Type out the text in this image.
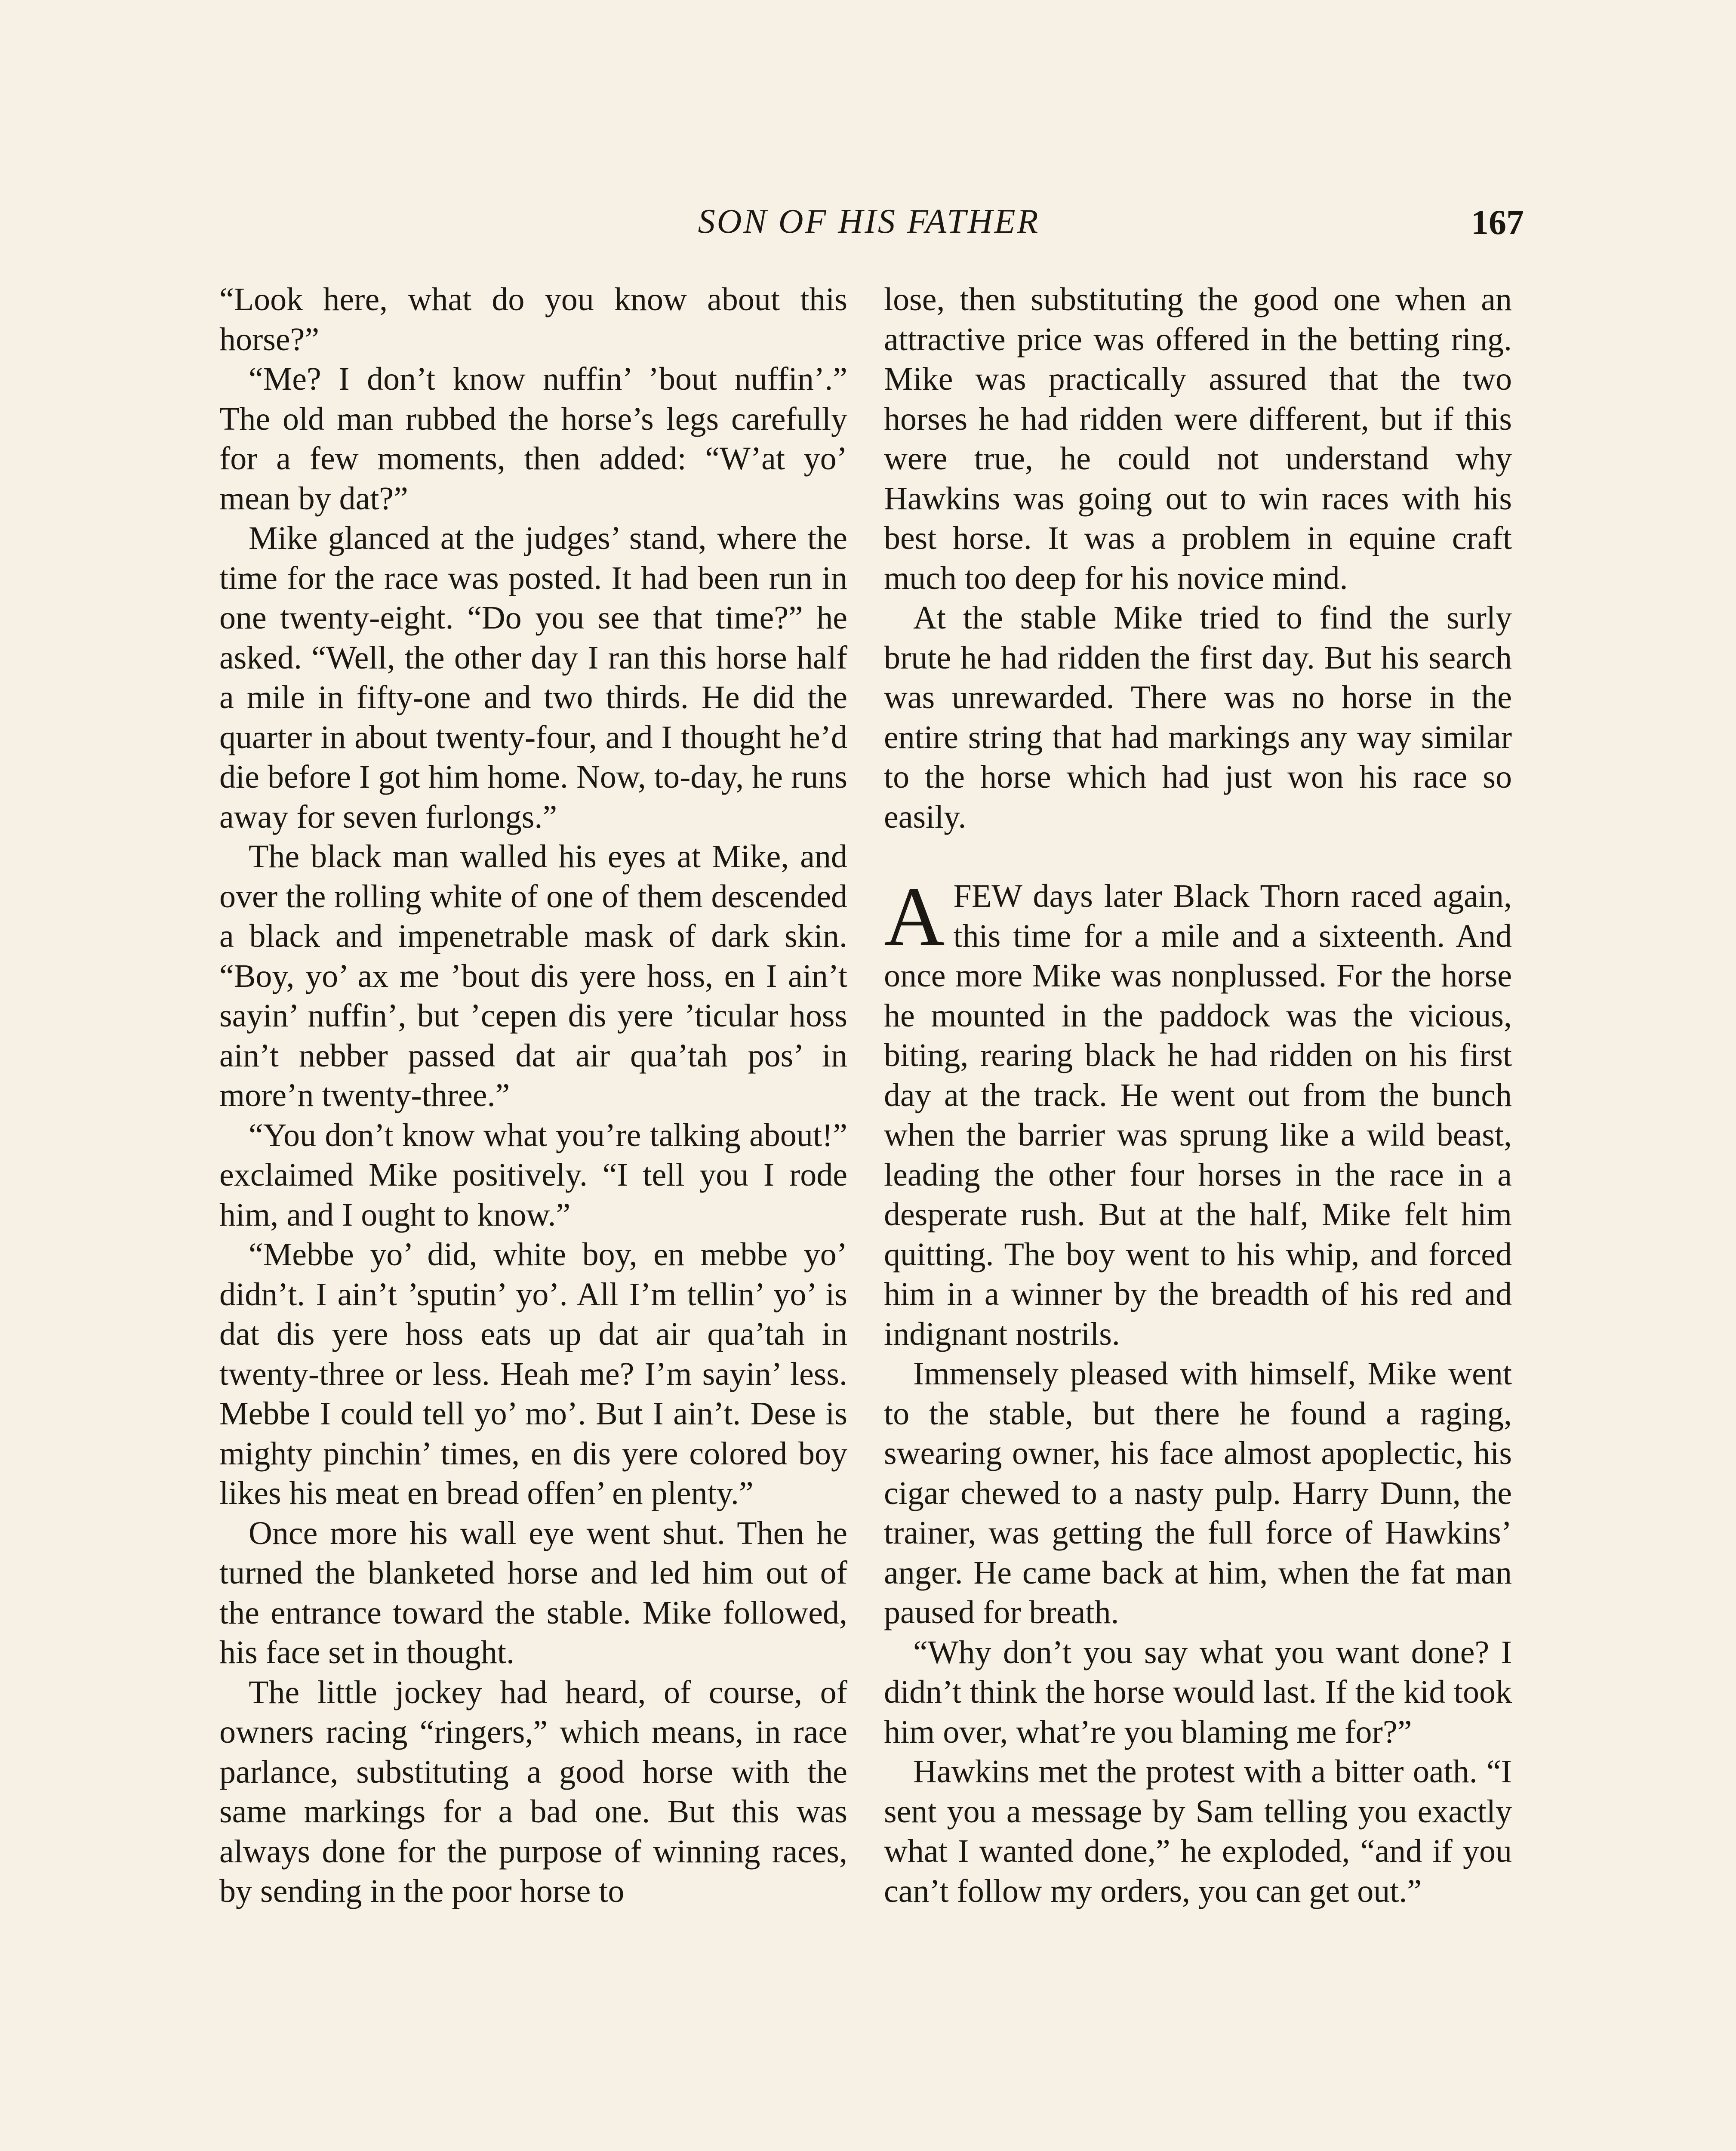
SON OF HIS FATHER	167

“Look here, what do you know about this horse?”

“Me? I don’t know nuffin’ ’bout nuffin’.” The old man rubbed the horse’s legs carefully for a few moments, then added: “W’at yo’ mean by dat?”

Mike glanced at the judges’ stand, where the time for the race was posted. It had been run in one twenty-eight. “Do you see that time?” he asked. “Well, the other day I ran this horse half a mile in fifty-one and two thirds. He did the quarter in about twenty-four, and I thought he’d die before I got him home. Now, to-day, he runs away for seven furlongs.”

The black man walled his eyes at Mike, and over the rolling white of one of them descended a black and impenetrable mask of dark skin. “Boy, yo’ ax me ’bout dis yere hoss, en I ain’t sayin’ nuffin’, but ’cepen dis yere ’ticular hoss ain’t nebber passed dat air qua’tah pos’ in more’n twenty-three.”

“You don’t know what you’re talking about!” exclaimed Mike positively. “I tell you I rode him, and I ought to know.”

“Mebbe yo’ did, white boy, en mebbe yo’ didn’t. I ain’t ’sputin’ yo’. All I’m tellin’ yo’ is dat dis yere hoss eats up dat air qua’tah in twenty-three or less. Heah me? I’m sayin’ less. Mebbe I could tell yo’ mo’. But I ain’t. Dese is mighty pinchin’ times, en dis yere colored boy likes his meat en bread offen’ en plenty.”

Once more his wall eye went shut. Then he turned the blanketed horse and led him out of the entrance toward the stable. Mike followed, his face set in thought.

The little jockey had heard, of course, of owners racing “ringers,” which means, in race parlance, substituting a good horse with the same markings for a bad one. But this was always done for the purpose of winning races, by sending in the poor horse to

lose, then substituting the good one when an attractive price was offered in the betting ring. Mike was practically assured that the two horses he had ridden were different, but if this were true, he could not understand why Hawkins was going out to win races with his best horse. It was a problem in equine craft much too deep for his novice mind.

At the stable Mike tried to find the surly brute he had ridden the first day. But his search was unrewarded. There was no horse in the entire string that had markings any way similar to the horse which had just won his race so easily.

AFEW days later Black Thorn raced again, this time for a mile and a sixteenth. And once more Mike was nonplussed. For the horse he mounted in the paddock was the vicious, biting, rearing black he had ridden on his first day at the track. He went out from the bunch when the barrier was sprung like a wild beast, leading the other four horses in the race in a desperate rush. But at the half, Mike felt him quitting. The boy went to his whip, and forced him in a winner by the breadth of his red and indignant nostrils.

Immensely pleased with himself, Mike went to the stable, but there he found a raging, swearing owner, his face almost apoplectic, his cigar chewed to a nasty pulp. Harry Dunn, the trainer, was getting the full force of Hawkins’ anger. He came back at him, when the fat man paused for breath.

“Why don’t you say what you want done? I didn’t think the horse would last. If the kid took him over, what’re you blaming me for?”

Hawkins met the protest with a bitter oath. “I sent you a message by Sam telling you exactly what I wanted done,” he exploded, “and if you can’t follow my orders, you can get out.”
